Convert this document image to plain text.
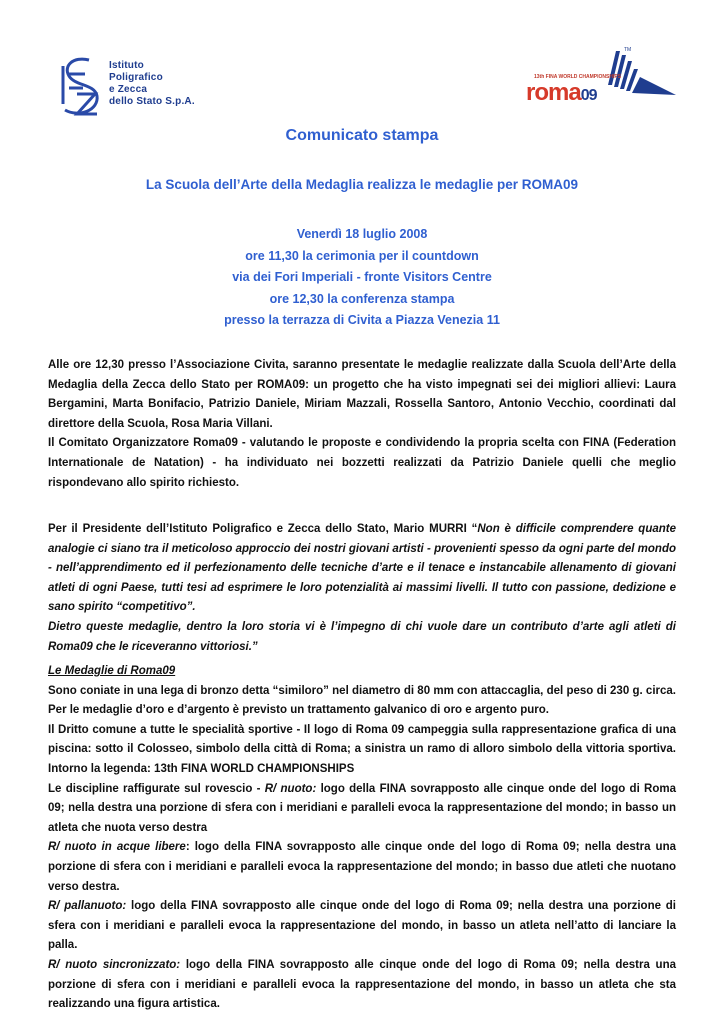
Istituto
Poligrafico
e Zecca
dello Stato S.p.A.
TM
13th FINA WORLD CHAMPIONSHIPS
roma09
Comunicato stampa
La Scuola dell’Arte della Medaglia realizza le medaglie per ROMA09
Venerdì 18 luglio 2008
ore 11,30 la cerimonia per il countdown
via dei Fori Imperiali - fronte Visitors Centre
ore 12,30 la conferenza stampa
presso la terrazza di Civita a Piazza Venezia 11

Alle ore 12,30 presso l’Associazione Civita, saranno presentate le medaglie realizzate dalla Scuola dell’Arte della Medaglia della Zecca dello Stato per ROMA09: un progetto che ha visto impegnati sei dei migliori allievi: Laura Bergamini, Marta Bonifacio, Patrizio Daniele, Miriam Mazzali, Rossella Santoro, Antonio Vecchio, coordinati dal direttore della Scuola, Rosa Maria Villani.

Il Comitato Organizzatore Roma09 - valutando le proposte e condividendo la propria scelta con FINA (Federation Internationale de Natation) - ha individuato nei bozzetti realizzati da Patrizio Daniele quelli che meglio rispondevano allo spirito richiesto.

Per il Presidente dell’Istituto Poligrafico e Zecca dello Stato, Mario MURRI “Non è difficile comprendere quante analogie ci siano tra il meticoloso approccio dei nostri giovani artisti - provenienti spesso da ogni parte del mondo - nell’apprendimento ed il perfezionamento delle tecniche d’arte e il tenace e instancabile allenamento di giovani atleti di ogni Paese, tutti tesi ad esprimere le loro potenzialità ai massimi livelli. Il tutto con passione, dedizione e sano spirito “competitivo”.

Dietro queste medaglie, dentro la loro storia vi è l’impegno di chi vuole dare un contributo d’arte agli atleti di Roma09 che le riceveranno vittoriosi.”

Le Medaglie di Roma09

Sono coniate in una lega di bronzo detta “similoro” nel diametro di 80 mm con attaccaglia, del peso di 230 g. circa. Per le medaglie d’oro e d’argento è previsto un trattamento galvanico di oro e argento puro.

Il Dritto comune a tutte le specialità sportive - Il logo di Roma 09 campeggia sulla rappresentazione grafica di una piscina: sotto il Colosseo, simbolo della città di Roma; a sinistra un ramo di alloro simbolo della vittoria sportiva. Intorno la legenda: 13th FINA WORLD CHAMPIONSHIPS

Le discipline raffigurate sul rovescio - R/ nuoto: logo della FINA sovrapposto alle cinque onde del logo di Roma 09; nella destra una porzione di sfera con i meridiani e paralleli evoca la rappresentazione del mondo; in basso un atleta che nuota verso destra

R/ nuoto in acque libere: logo della FINA sovrapposto alle cinque onde del logo di Roma 09; nella destra una porzione di sfera con i meridiani e paralleli evoca la rappresentazione del mondo; in basso due atleti che nuotano verso destra.

R/ pallanuoto: logo della FINA sovrapposto alle cinque onde del logo di Roma 09; nella destra una porzione di sfera con i meridiani e paralleli evoca la rappresentazione del mondo, in basso un atleta nell’atto di lanciare la palla.

R/ nuoto sincronizzato: logo della FINA sovrapposto alle cinque onde del logo di Roma 09; nella destra una porzione di sfera con i meridiani e paralleli evoca la rappresentazione del mondo, in basso un atleta che sta realizzando una figura artistica.
